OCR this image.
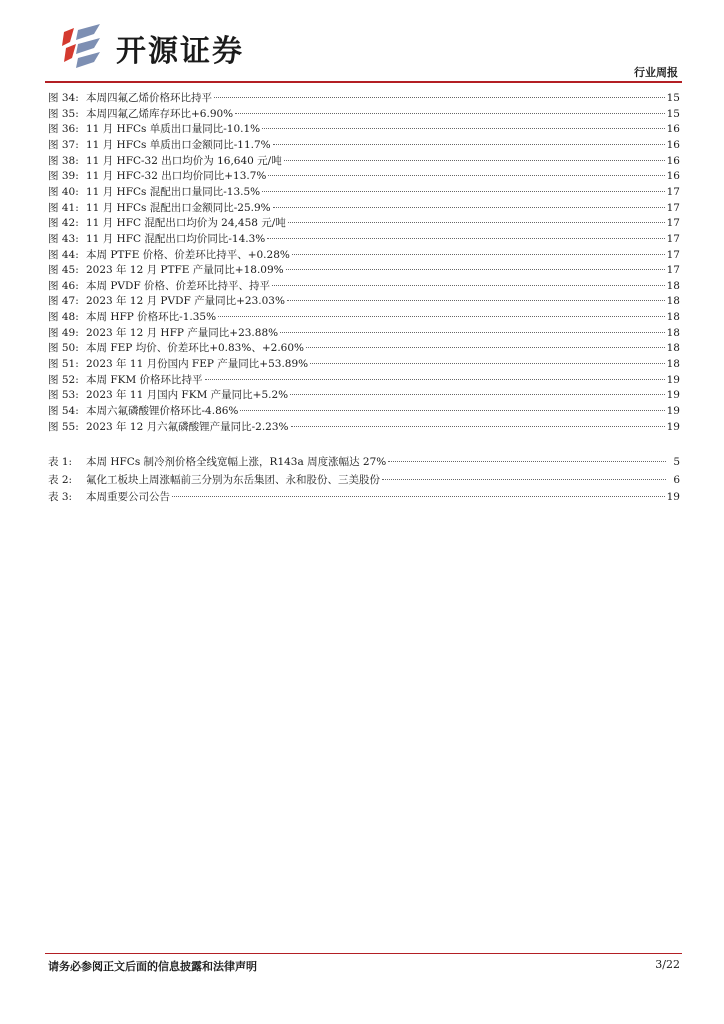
开源证券
行业周报
图 34: 本周四氟乙烯价格环比持平	15
图 35: 本周四氟乙烯库存环比+6.90%	15
图 36: 11 月 HFCs 单质出口量同比-10.1%	16
图 37: 11 月 HFCs 单质出口金额同比-11.7%	16
图 38: 11 月 HFC-32 出口均价为 16,640 元/吨	16
图 39: 11 月 HFC-32 出口均价同比+13.7%	16
图 40: 11 月 HFCs 混配出口量同比-13.5%	17
图 41: 11 月 HFCs 混配出口金额同比-25.9%	17
图 42: 11 月 HFC 混配出口均价为 24,458 元/吨	17
图 43: 11 月 HFC 混配出口均价同比-14.3%	17
图 44: 本周 PTFE 价格、价差环比持平、+0.28%	17
图 45: 2023 年 12 月 PTFE 产量同比+18.09%	17
图 46: 本周 PVDF 价格、价差环比持平、持平	18
图 47: 2023 年 12 月 PVDF 产量同比+23.03%	18
图 48: 本周 HFP 价格环比-1.35%	18
图 49: 2023 年 12 月 HFP 产量同比+23.88%	18
图 50: 本周 FEP 均价、价差环比+0.83%、+2.60%	18
图 51: 2023 年 11 月份国内 FEP 产量同比+53.89%	18
图 52: 本周 FKM 价格环比持平	19
图 53: 2023 年 11 月国内 FKM 产量同比+5.2%	19
图 54: 本周六氟磷酸锂价格环比-4.86%	19
图 55: 2023 年 12 月六氟磷酸锂产量同比-2.23%	19
表 1:	本周 HFCs 制冷剂价格全线宽幅上涨，R143a 周度涨幅达 27%	5
表 2:	氟化工板块上周涨幅前三分别为东岳集团、永和股份、三美股份	6
表 3:	本周重要公司公告	19
请务必参阅正文后面的信息披露和法律声明	3/22
